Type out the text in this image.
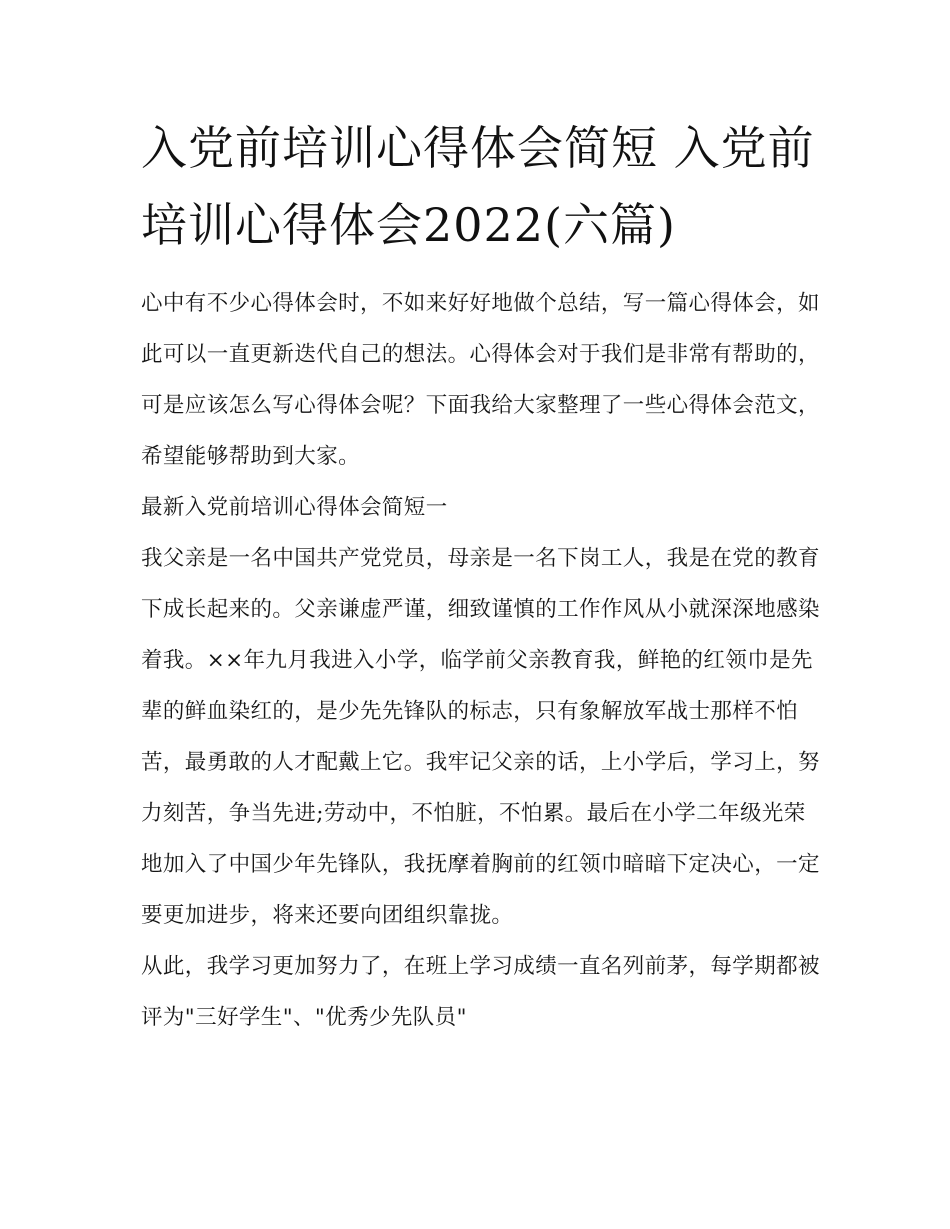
入党前培训心得体会简短 入党前培训心得体会2022(六篇)

心中有不少心得体会时，不如来好好地做个总结，写一篇心得体会，如此可以一直更新迭代自己的想法。心得体会对于我们是非常有帮助的，可是应该怎么写心得体会呢？下面我给大家整理了一些心得体会范文，希望能够帮助到大家。

最新入党前培训心得体会简短一

我父亲是一名中国共产党党员，母亲是一名下岗工人，我是在党的教育下成长起来的。父亲谦虚严谨，细致谨慎的工作作风从小就深深地感染着我。××年九月我进入小学，临学前父亲教育我，鲜艳的红领巾是先辈的鲜血染红的，是少先先锋队的标志，只有象解放军战士那样不怕苦，最勇敢的人才配戴上它。我牢记父亲的话，上小学后，学习上，努力刻苦，争当先进;劳动中，不怕脏，不怕累。最后在小学二年级光荣地加入了中国少年先锋队，我抚摩着胸前的红领巾暗暗下定决心，一定要更加进步，将来还要向团组织靠拢。

从此，我学习更加努力了，在班上学习成绩一直名列前茅，每学期都被评为"三好学生"、"优秀少先队员"
